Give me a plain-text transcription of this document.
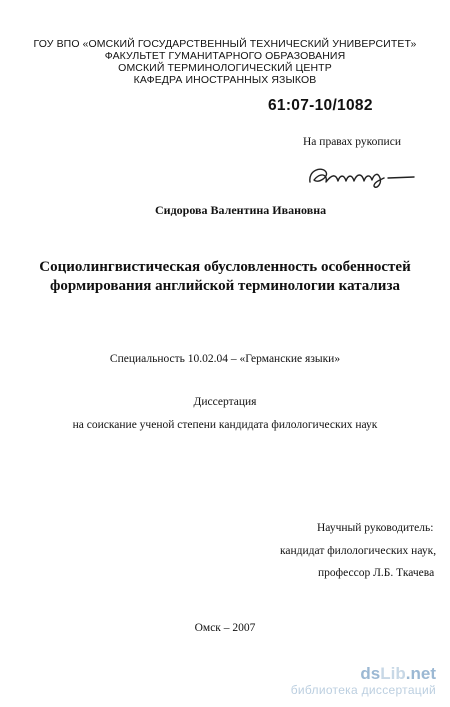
ГОУ ВПО «ОМСКИЙ ГОСУДАРСТВЕННЫЙ ТЕХНИЧЕСКИЙ УНИВЕРСИТЕТ»
ФАКУЛЬТЕТ ГУМАНИТАРНОГО ОБРАЗОВАНИЯ
ОМСКИЙ ТЕРМИНОЛОГИЧЕСКИЙ ЦЕНТР
КАФЕДРА ИНОСТРАННЫХ ЯЗЫКОВ
61:07-10/1082
На правах рукописи
Сидорова Валентина Ивановна
Социолингвистическая обусловленность особенностей
формирования английской терминологии катализа
Специальность 10.02.04 – «Германские языки»
Диссертация
на соискание ученой степени кандидата филологических наук
Научный руководитель:
кандидат филологических наук,
профессор Л.Б. Ткачева
Омск – 2007
dsLib.net
библиотека диссертаций
